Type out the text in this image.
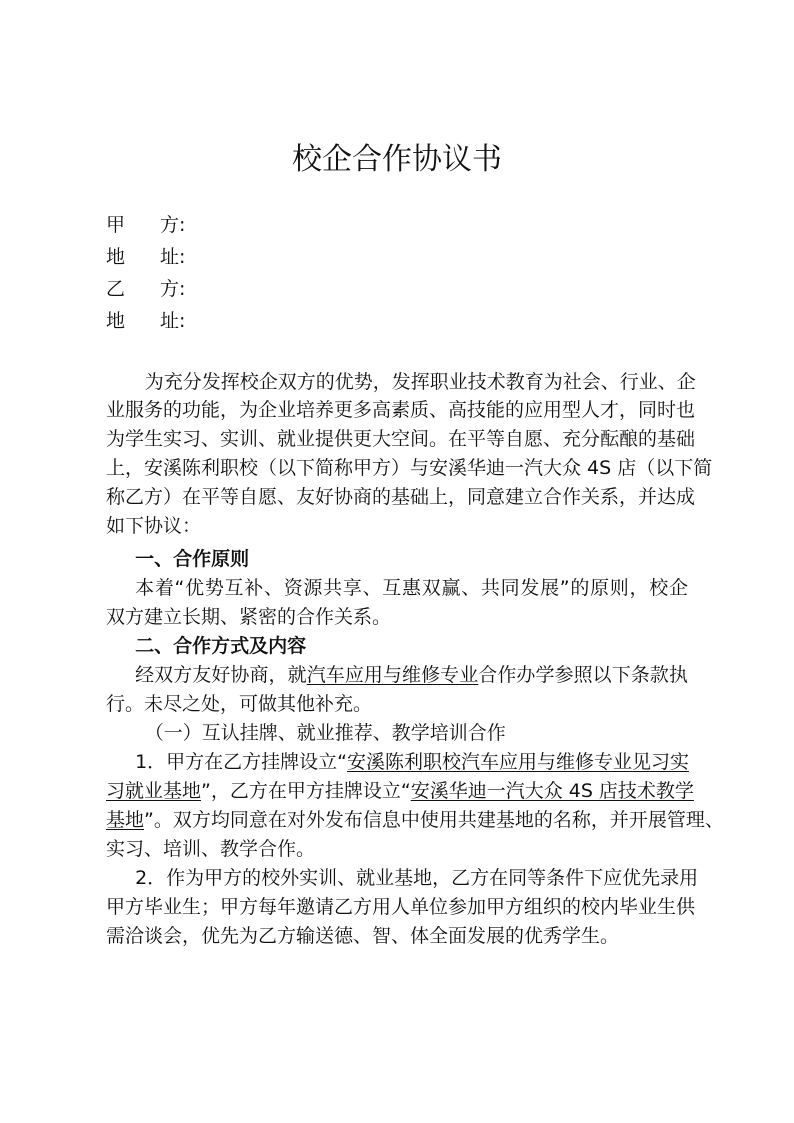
校企合作协议书
甲 方:
地 址:
乙 方:
地 址:
为充分发挥校企双方的优势，发挥职业技术教育为社会、行业、企
业服务的功能，为企业培养更多高素质、高技能的应用型人才，同时也
为学生实习、实训、就业提供更大空间。在平等自愿、充分酝酿的基础
上，安溪陈利职校（以下简称甲方）与安溪华迪一汽大众 4S 店（以下简
称乙方）在平等自愿、友好协商的基础上，同意建立合作关系，并达成
如下协议：
一、合作原则
本着“优势互补、资源共享、互惠双赢、共同发展”的原则，校企
双方建立长期、紧密的合作关系。
二、合作方式及内容
经双方友好协商，就汽车应用与维修专业合作办学参照以下条款执
行。未尽之处，可做其他补充。
（一）互认挂牌、就业推荐、教学培训合作
1．甲方在乙方挂牌设立“安溪陈利职校汽车应用与维修专业见习实
习就业基地”，乙方在甲方挂牌设立“安溪华迪一汽大众 4S 店技术教学
基地”。双方均同意在对外发布信息中使用共建基地的名称，并开展管理、
实习、培训、教学合作。
2．作为甲方的校外实训、就业基地，乙方在同等条件下应优先录用
甲方毕业生；甲方每年邀请乙方用人单位参加甲方组织的校内毕业生供
需洽谈会，优先为乙方输送德、智、体全面发展的优秀学生。
